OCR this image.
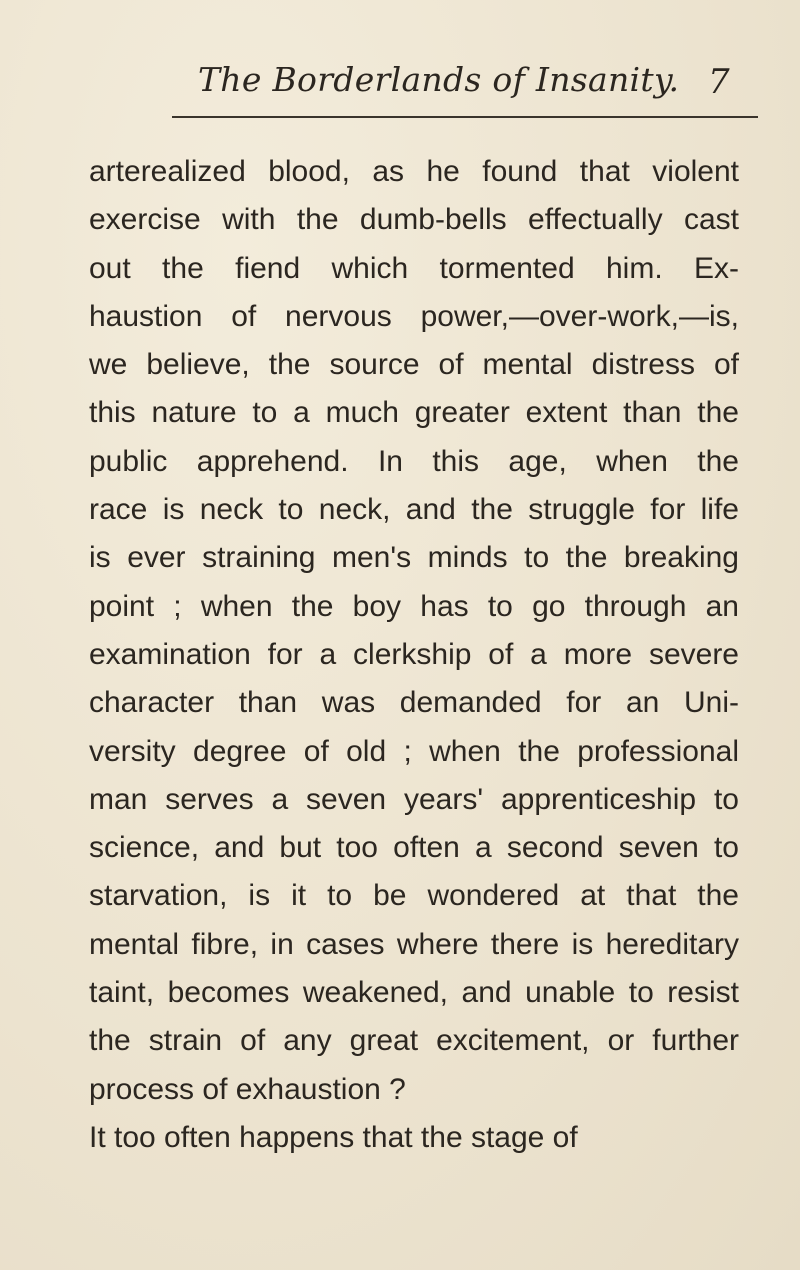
The Borderlands of Insanity. 7
arterealized blood, as he found that violent
exercise with the dumb-bells effectually cast
out the fiend which tormented him. Ex-
haustion of nervous power,—over-work,—is,
we believe, the source of mental distress of
this nature to a much greater extent than the
public apprehend. In this age, when the
race is neck to neck, and the struggle for life
is ever straining men's minds to the breaking
point ; when the boy has to go through an
examination for a clerkship of a more severe
character than was demanded for an Uni-
versity degree of old ; when the professional
man serves a seven years' apprenticeship to
science, and but too often a second seven to
starvation, is it to be wondered at that the
mental fibre, in cases where there is hereditary
taint, becomes weakened, and unable to resist
the strain of any great excitement, or further
process of exhaustion ?
It too often happens that the stage of
